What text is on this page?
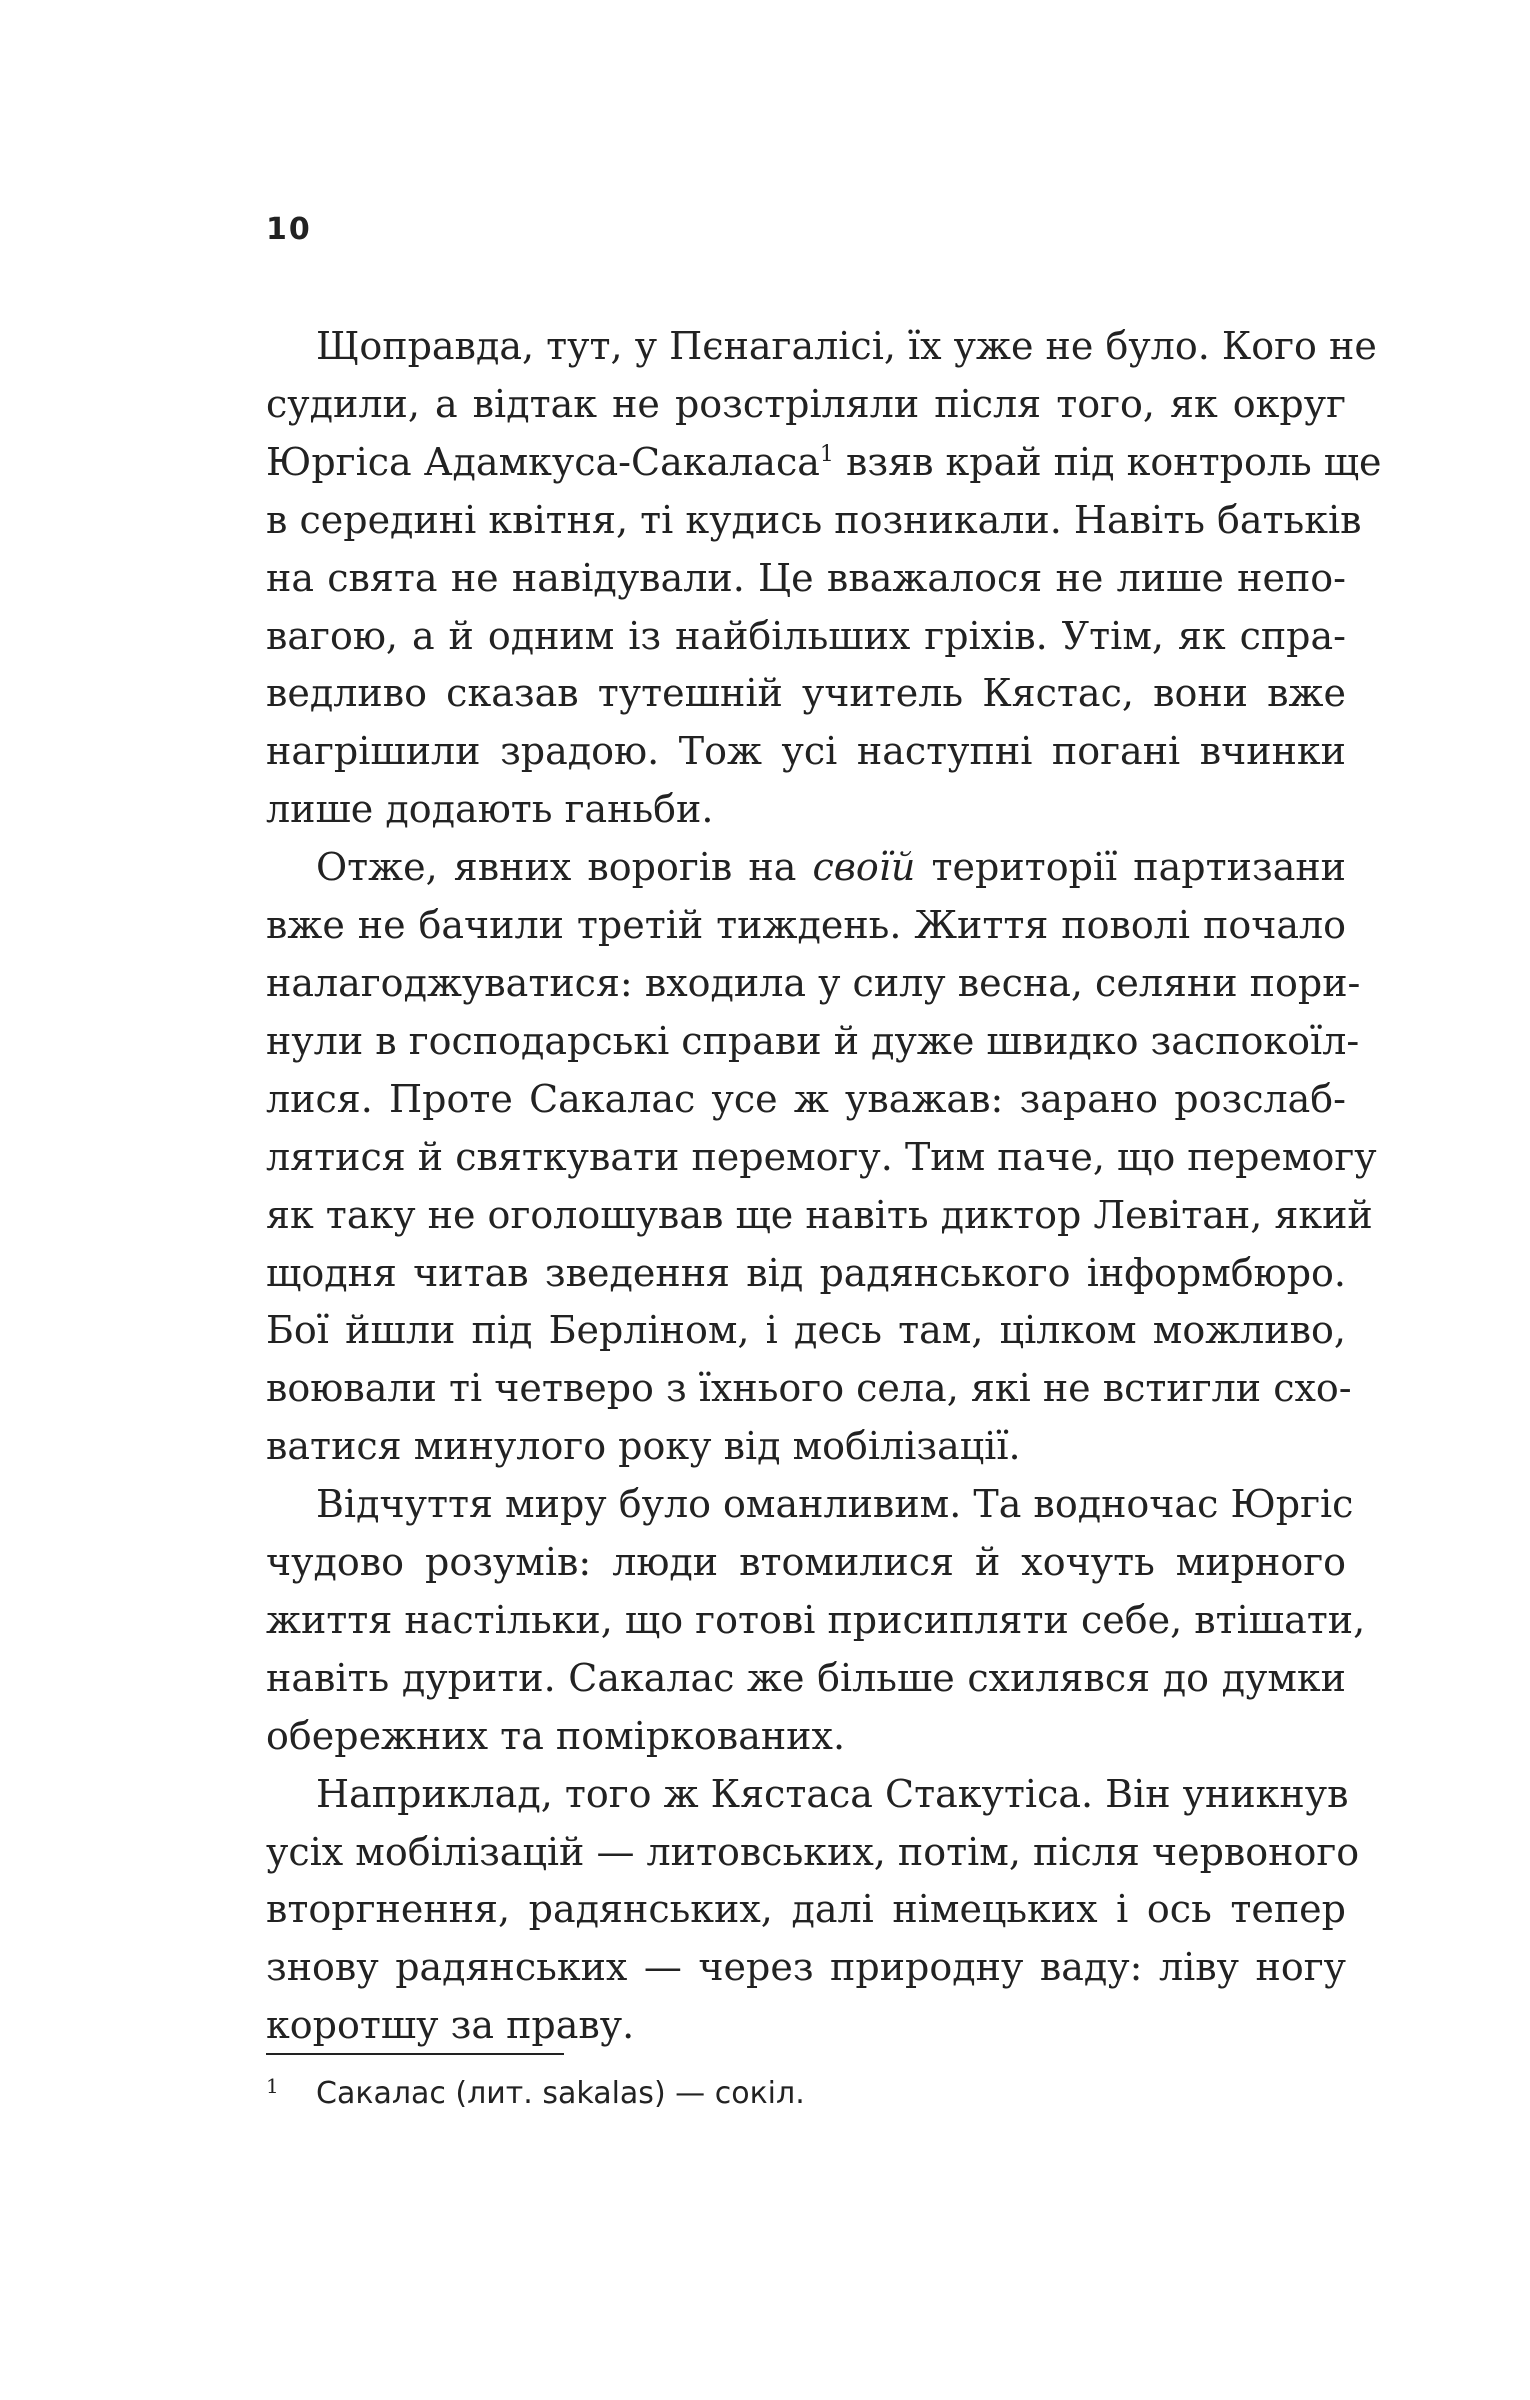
10

Щоправда, тут, у Пєнагалісі, їх уже не було. Кого не
судили, а відтак не розстріляли після того, як округ
Юргіса Адамкуса-Сакаласа$^1$ взяв край під контроль ще
в середині квітня, ті кудись позникали. Навіть батьків
на свята не навідували. Це вважалося не лише непо-
вагою, а й одним із найбільших гріхів. Утім, як спра-
ведливо сказав тутешній учитель Кястас, вони вже
нагрішили зрадою. Тож усі наступні погані вчинки
лише додають ганьби.

Отже, явних ворогів на своїй території партизани
вже не бачили третій тиждень. Життя поволі почало
налагоджуватися: входила у силу весна, селяни пори-
нули в господарські справи й дуже швидко заспокоїл-
лися. Проте Сакалас усе ж уважав: зарано розслаб-
лятися й святкувати перемогу. Тим паче, що перемогу
як таку не оголошував ще навіть диктор Левітан, який
щодня читав зведення від радянського інформбюро.
Бої йшли під Берліном, і десь там, цілком можливо,
воювали ті четверо з їхнього села, які не встигли схо-
ватися минулого року від мобілізації.

Відчуття миру було оманливим. Та водночас Юргіс
чудово розумів: люди втомилися й хочуть мирного
життя настільки, що готові присипляти себе, втішати,
навіть дурити. Сакалас же більше схилявся до думки
обережних та поміркованих.

Наприклад, того ж Кястаса Стакутіса. Він уникнув
усіх мобілізацій — литовських, потім, після червоного
вторгнення, радянських, далі німецьких і ось тепер
знову радянських — через природну ваду: ліву ногу
коротшу за праву.

1 Сакалас (лит. sakalas) — сокіл.
